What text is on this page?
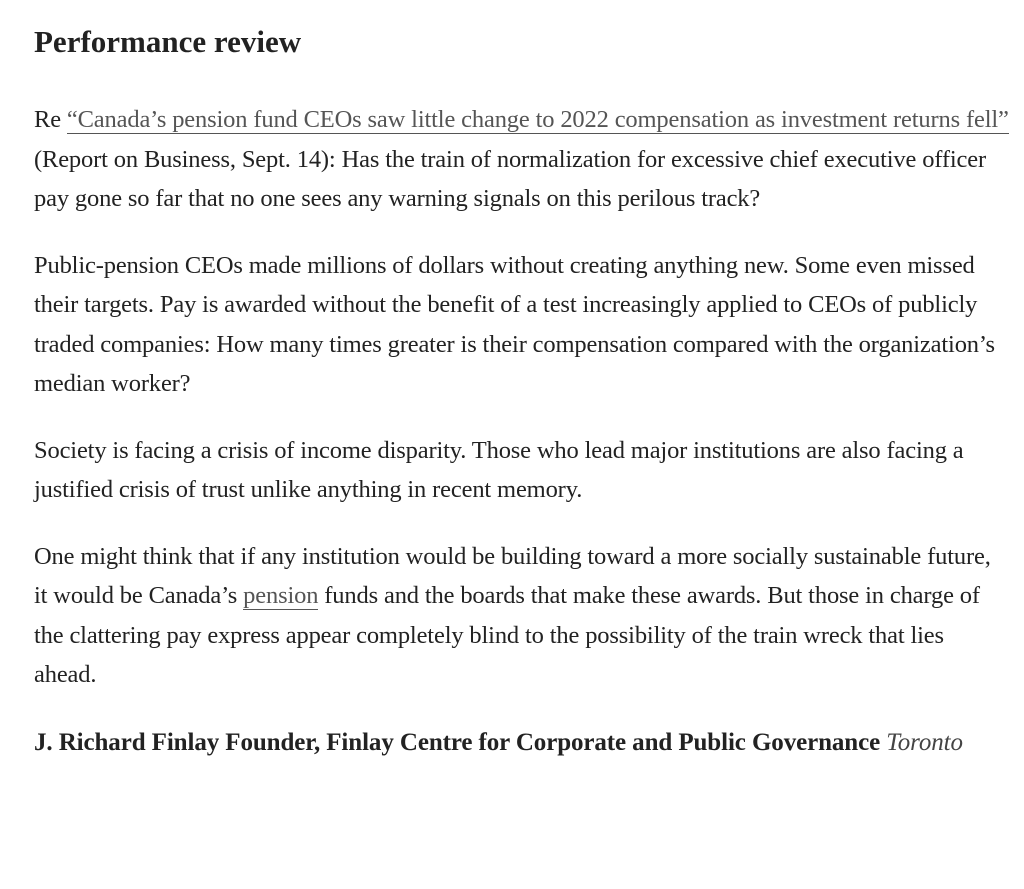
Performance review

Re “Canada’s pension fund CEOs saw little change to 2022 compensation as investment returns fell” (Report on Business, Sept. 14): Has the train of normalization for excessive chief executive officer pay gone so far that no one sees any warning signals on this perilous track?

Public-pension CEOs made millions of dollars without creating anything new. Some even missed their targets. Pay is awarded without the benefit of a test increasingly applied to CEOs of publicly traded companies: How many times greater is their compensation compared with the organization’s median worker?

Society is facing a crisis of income disparity. Those who lead major institutions are also facing a justified crisis of trust unlike anything in recent memory.

One might think that if any institution would be building toward a more socially sustainable future, it would be Canada’s pension funds and the boards that make these awards. But those in charge of the clattering pay express appear completely blind to the possibility of the train wreck that lies ahead.

J. Richard Finlay Founder, Finlay Centre for Corporate and Public Governance Toronto
